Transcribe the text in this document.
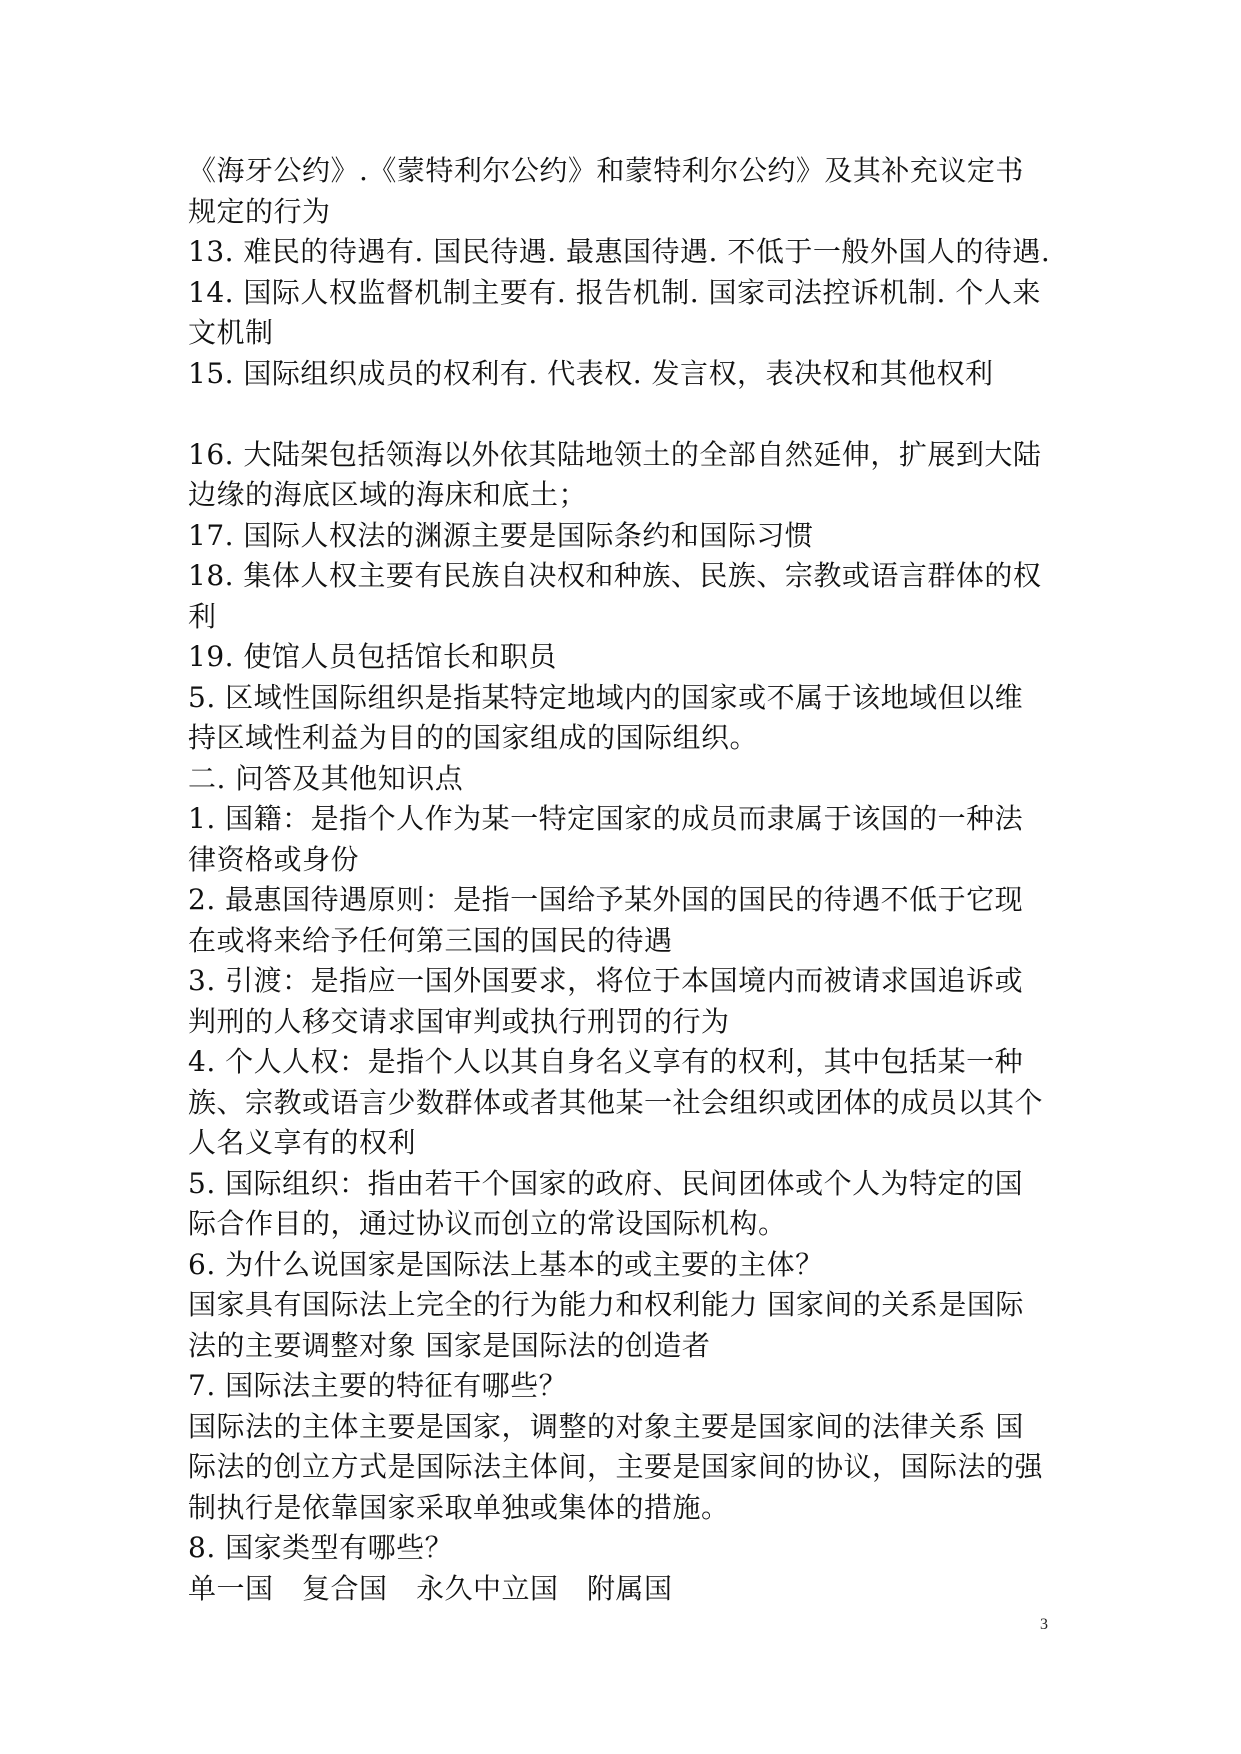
《海牙公约》.《蒙特利尔公约》和蒙特利尔公约》及其补充议定书
规定的行为
13. 难民的待遇有. 国民待遇. 最惠国待遇. 不低于一般外国人的待遇.
14. 国际人权监督机制主要有. 报告机制. 国家司法控诉机制. 个人来
文机制
15. 国际组织成员的权利有. 代表权. 发言权，表决权和其他权利
16. 大陆架包括领海以外依其陆地领土的全部自然延伸，扩展到大陆
边缘的海底区域的海床和底土；
17. 国际人权法的渊源主要是国际条约和国际习惯
18. 集体人权主要有民族自决权和种族、民族、宗教或语言群体的权
利
19. 使馆人员包括馆长和职员
5. 区域性国际组织是指某特定地域内的国家或不属于该地域但以维
持区域性利益为目的的国家组成的国际组织。
二. 问答及其他知识点
1. 国籍：是指个人作为某一特定国家的成员而隶属于该国的一种法
律资格或身份
2. 最惠国待遇原则：是指一国给予某外国的国民的待遇不低于它现
在或将来给予任何第三国的国民的待遇
3. 引渡：是指应一国外国要求，将位于本国境内而被请求国追诉或
判刑的人移交请求国审判或执行刑罚的行为
4. 个人人权：是指个人以其自身名义享有的权利，其中包括某一种
族、宗教或语言少数群体或者其他某一社会组织或团体的成员以其个
人名义享有的权利
5. 国际组织：指由若干个国家的政府、民间团体或个人为特定的国
际合作目的，通过协议而创立的常设国际机构。
6. 为什么说国家是国际法上基本的或主要的主体？
国家具有国际法上完全的行为能力和权利能力 国家间的关系是国际
法的主要调整对象 国家是国际法的创造者
7. 国际法主要的特征有哪些？
国际法的主体主要是国家，调整的对象主要是国家间的法律关系 国
际法的创立方式是国际法主体间，主要是国家间的协议，国际法的强
制执行是依靠国家采取单独或集体的措施。
8. 国家类型有哪些？
单一国　复合国　永久中立国　附属国
3
